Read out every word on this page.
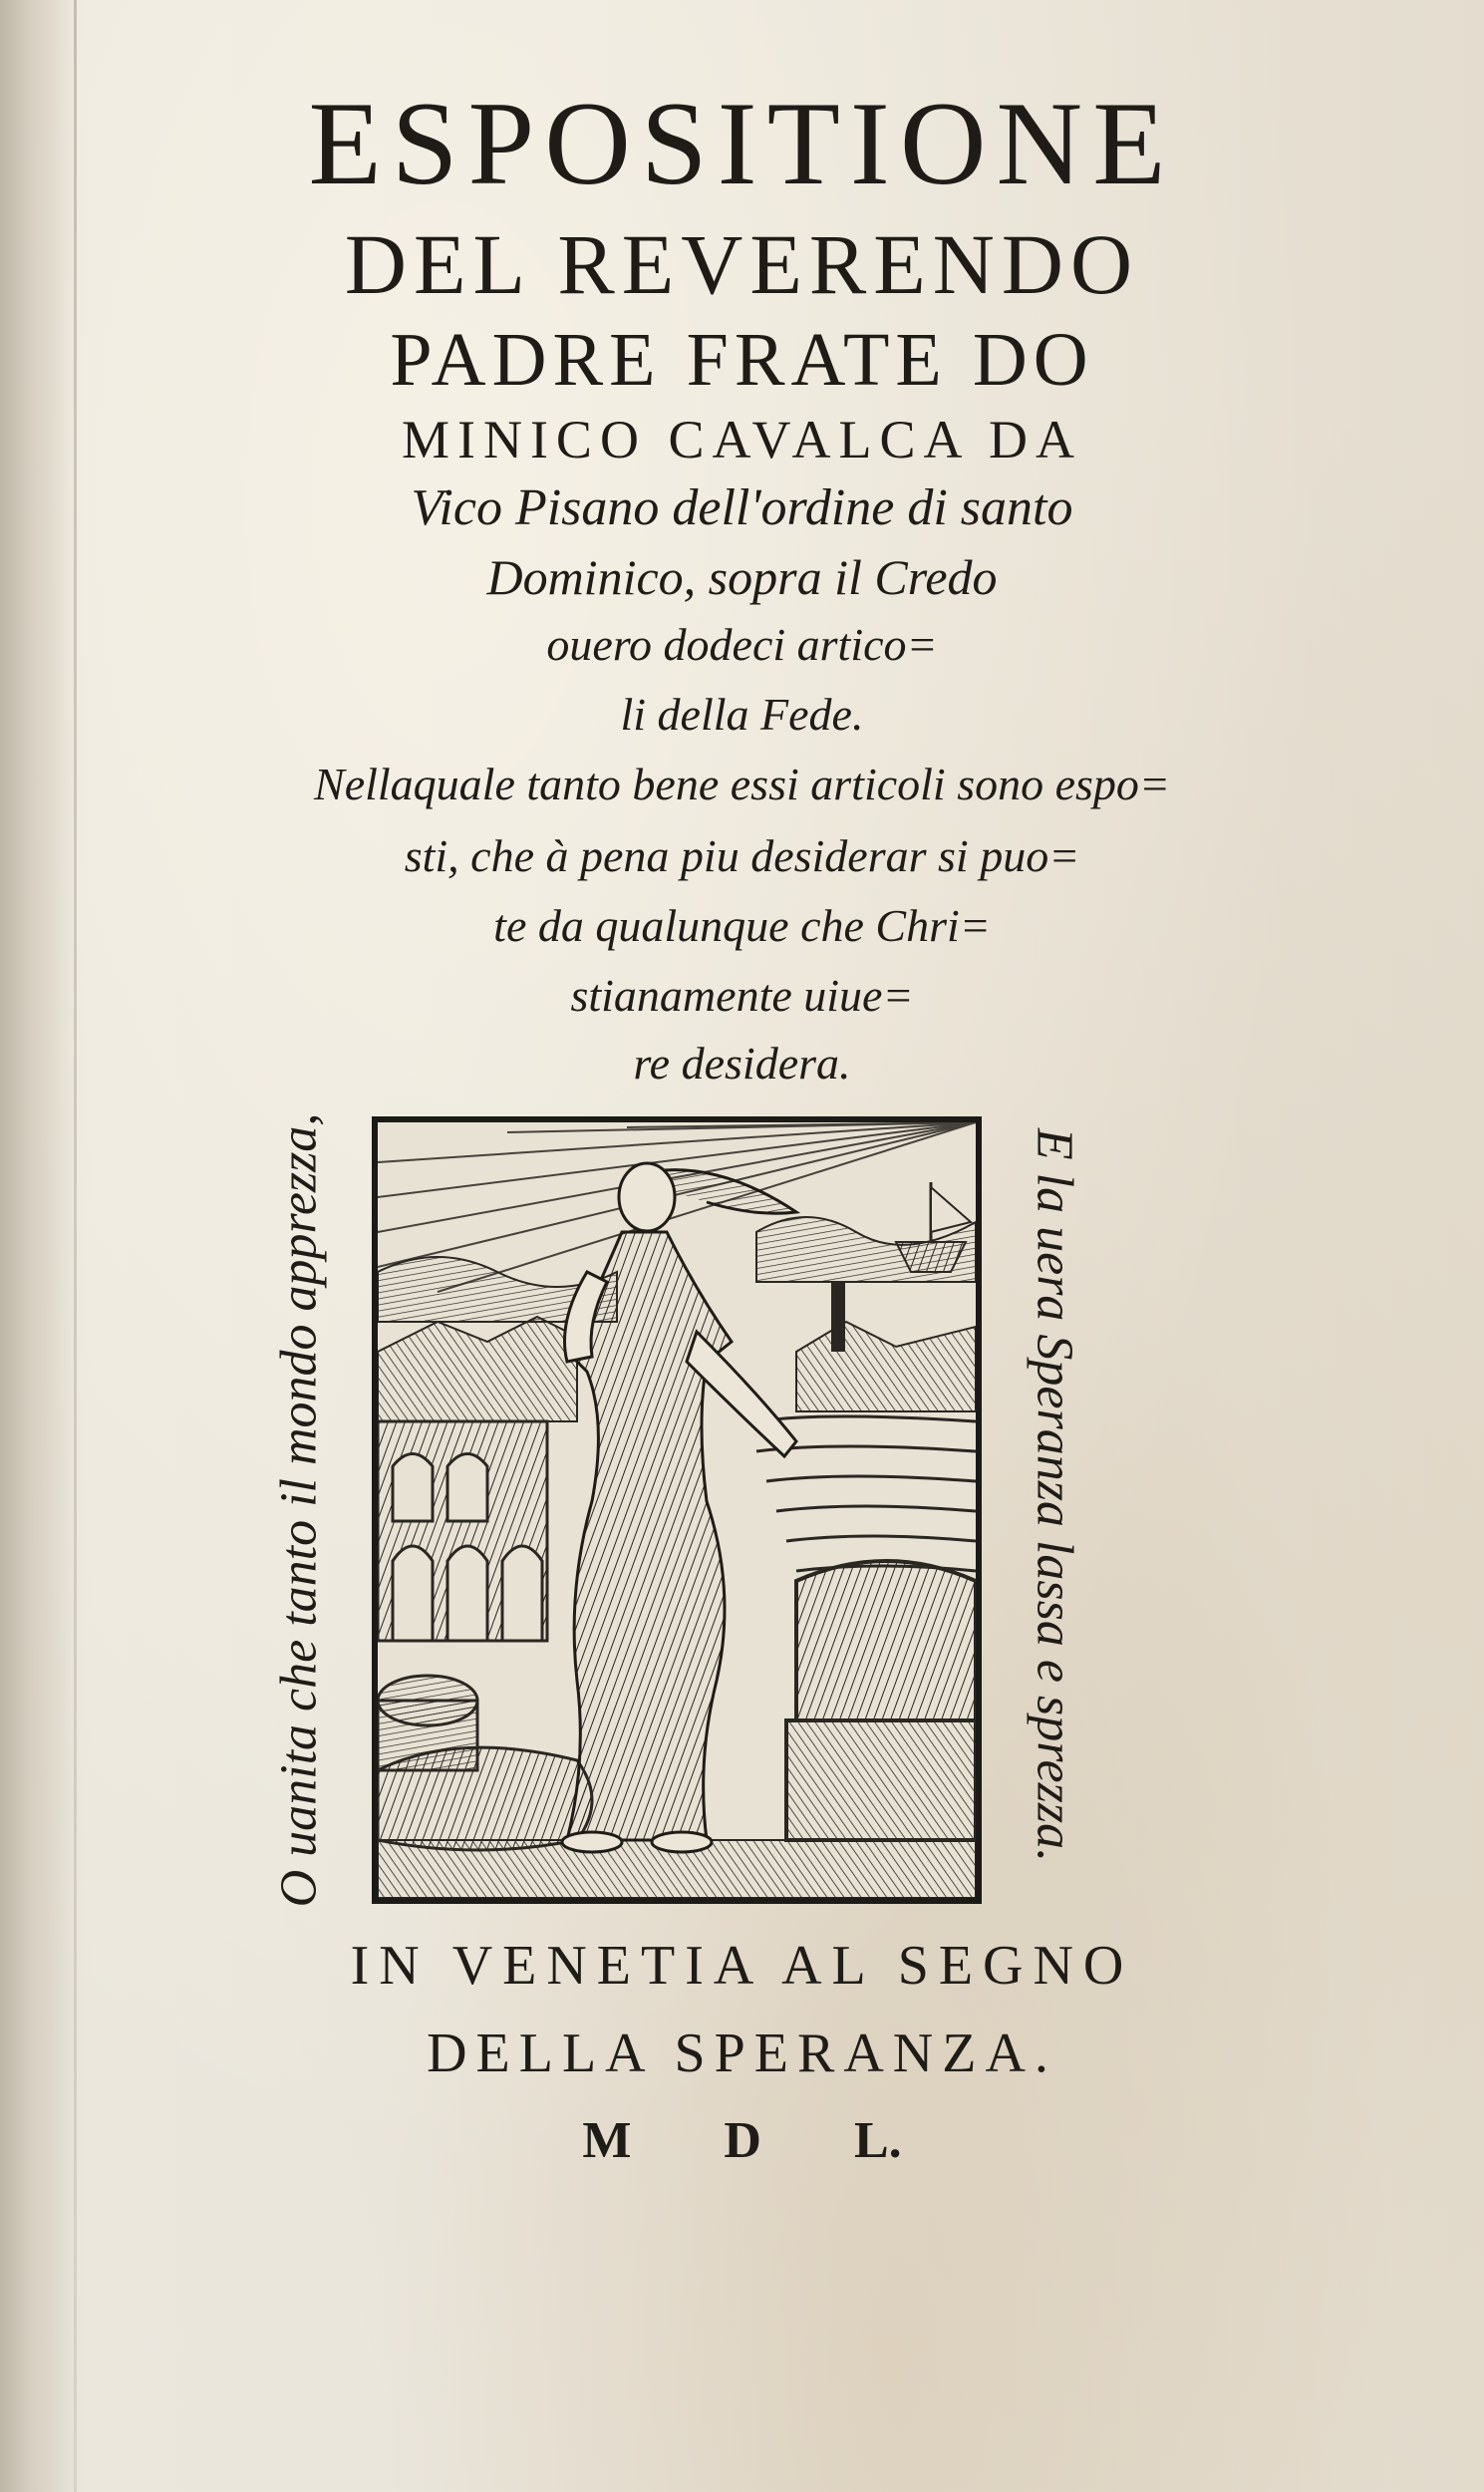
ESPOSITIONE
DEL REVERENDO
PADRE FRATE DO
MINICO CAVALCA DA
Vico Pisano dell'ordine di santo
Dominico, sopra il Credo
ouero dodeci artico=
li della Fede.
Nellaquale tanto bene essi articoli sono espo=
sti, che à pena piu desiderar si puo=
te da qualunque che Chri=
stianamente uiue=
re desidera.
O uanita che tanto il mondo apprezza,	E la uera Speranza lassa e sprezza.
IN VENETIA AL SEGNO
DELLA SPERANZA.
M D L.
